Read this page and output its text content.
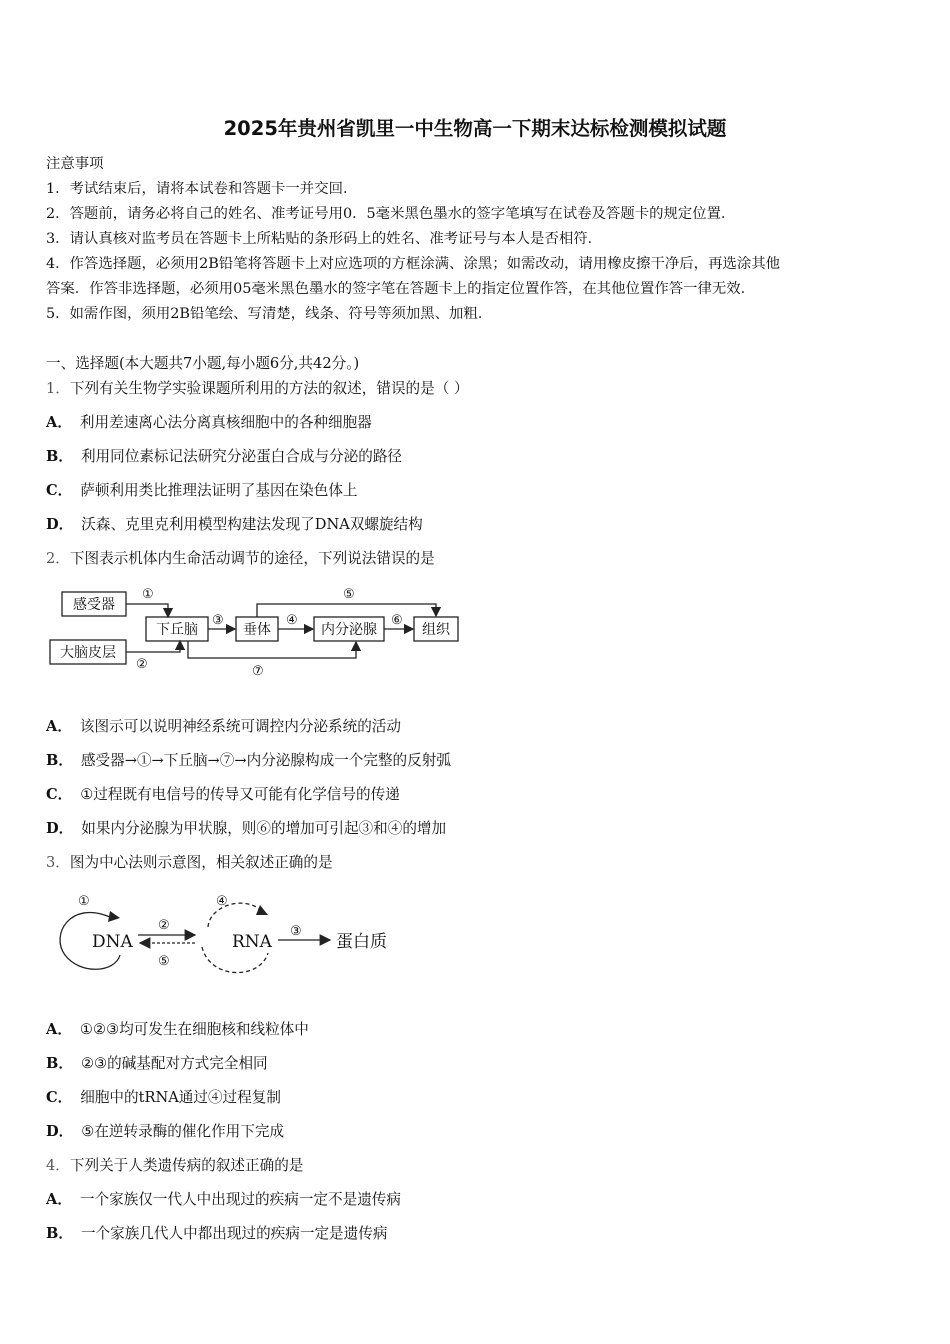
2025年贵州省凯里一中生物高一下期末达标检测模拟试题
注意事项
1．考试结束后，请将本试卷和答题卡一并交回．
2．答题前，请务必将自己的姓名、准考证号用0．5毫米黑色墨水的签字笔填写在试卷及答题卡的规定位置．
3．请认真核对监考员在答题卡上所粘贴的条形码上的姓名、准考证号与本人是否相符．
4．作答选择题，必须用2B铅笔将答题卡上对应选项的方框涂满、涂黑；如需改动，请用橡皮擦干净后，再选涂其他
答案．作答非选择题，必须用05毫米黑色墨水的签字笔在答题卡上的指定位置作答，在其他位置作答一律无效．
5．如需作图，须用2B铅笔绘、写清楚，线条、符号等须加黑、加粗．
一、选择题(本大题共7小题,每小题6分,共42分。)
1．下列有关生物学实验课题所利用的方法的叙述，错误的是（ ）
A． 利用差速离心法分离真核细胞中的各种细胞器
B． 利用同位素标记法研究分泌蛋白合成与分泌的路径
C． 萨顿利用类比推理法证明了基因在染色体上
D． 沃森、克里克利用模型构建法发现了DNA双螺旋结构
2．下图表示机体内生命活动调节的途径，下列说法错误的是
感受器
大脑皮层
下丘脑	垂体	内分泌腺	组织
①
②
③	④
⑤
⑥
⑦
A． 该图示可以说明神经系统可调控内分泌系统的活动
B． 感受器→①→下丘脑→⑦→内分泌腺构成一个完整的反射弧
C． ①过程既有电信号的传导又可能有化学信号的传递
D． 如果内分泌腺为甲状腺，则⑥的增加可引起③和④的增加
3．图为中心法则示意图，相关叙述正确的是
①
DNA
②
⑤
④
RNA
③
蛋白质
A． ①②③均可发生在细胞核和线粒体中
B． ②③的碱基配对方式完全相同
C． 细胞中的tRNA通过④过程复制
D． ⑤在逆转录酶的催化作用下完成
4．下列关于人类遗传病的叙述正确的是
A． 一个家族仅一代人中出现过的疾病一定不是遗传病
B． 一个家族几代人中都出现过的疾病一定是遗传病
